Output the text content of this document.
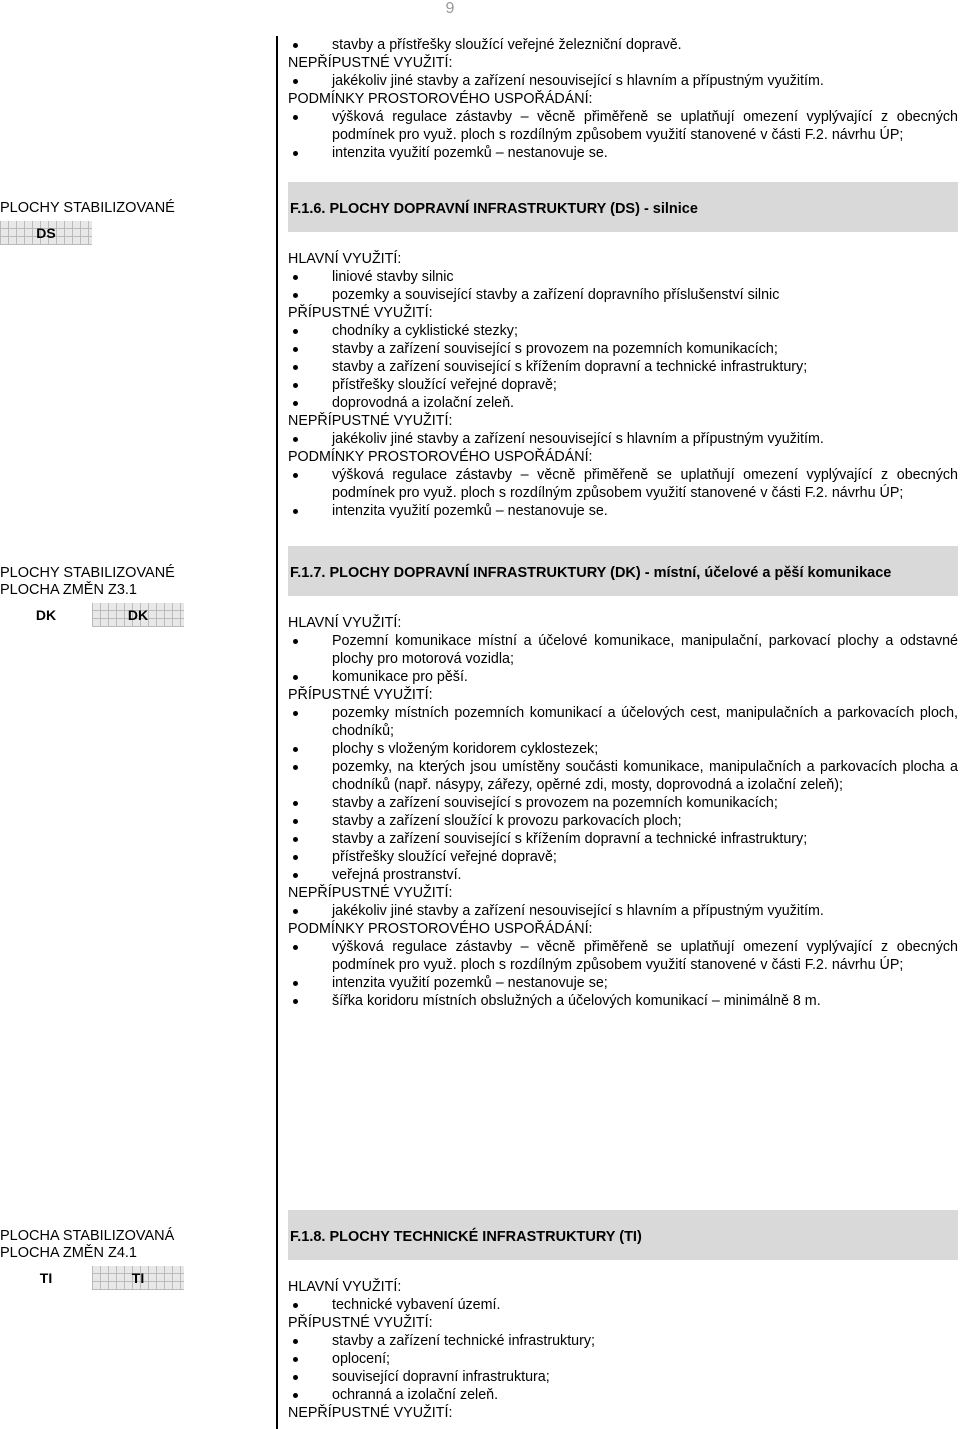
9
stavby a přístřešky sloužící veřejné železniční dopravě.

NEPŘÍPUSTNÉ VYUŽITÍ:

jakékoliv jiné stavby a zařízení nesouvisející s hlavním a přípustným využitím.

PODMÍNKY PROSTOROVÉHO USPOŘÁDÁNÍ:

výšková regulace zástavby – věcně přiměřeně se uplatňují omezení vyplývající z obecných podmínek pro využ. ploch s rozdílným způsobem využití stanovené v části F.2. návrhu ÚP;
intenzita využití pozemků – nestanovuje se.
PLOCHY STABILIZOVANÉ
DS
F.1.6. PLOCHY DOPRAVNÍ INFRASTRUKTURY (DS) - silnice

HLAVNÍ VYUŽITÍ:

liniové stavby silnic
pozemky a související stavby a zařízení dopravního příslušenství silnic

PŘÍPUSTNÉ VYUŽITÍ:

chodníky a cyklistické stezky;
stavby a zařízení související s provozem na pozemních komunikacích;
stavby a zařízení související s křížením dopravní a technické infrastruktury;
přístřešky sloužící veřejné dopravě;
doprovodná a izolační zeleň.

NEPŘÍPUSTNÉ VYUŽITÍ:

jakékoliv jiné stavby a zařízení nesouvisející s hlavním a přípustným využitím.

PODMÍNKY PROSTOROVÉHO USPOŘÁDÁNÍ:

výšková regulace zástavby – věcně přiměřeně se uplatňují omezení vyplývající z obecných podmínek pro využ. ploch s rozdílným způsobem využití stanovené v části F.2. návrhu ÚP;
intenzita využití pozemků – nestanovuje se.
PLOCHY STABILIZOVANÉ
PLOCHA ZMĚN Z3.1
DK	DK
F.1.7. PLOCHY DOPRAVNÍ INFRASTRUKTURY (DK) - místní, účelové a pěší komunikace

HLAVNÍ VYUŽITÍ:

Pozemní komunikace místní a účelové komunikace, manipulační, parkovací plochy a odstavné plochy pro motorová vozidla;
komunikace pro pěší.

PŘÍPUSTNÉ VYUŽITÍ:

pozemky místních pozemních komunikací a účelových cest, manipulačních a parkovacích ploch, chodníků;
plochy s vloženým koridorem cyklostezek;
pozemky, na kterých jsou umístěny součásti komunikace, manipulačních a parkovacích plocha a chodníků (např. násypy, zářezy, opěrné zdi, mosty, doprovodná a izolační zeleň);
stavby a zařízení související s provozem na pozemních komunikacích;
stavby a zařízení sloužící k provozu parkovacích ploch;
stavby a zařízení související s křížením dopravní a technické infrastruktury;
přístřešky sloužící veřejné dopravě;
veřejná prostranství.

NEPŘÍPUSTNÉ VYUŽITÍ:

jakékoliv jiné stavby a zařízení nesouvisející s hlavním a přípustným využitím.

PODMÍNKY PROSTOROVÉHO USPOŘÁDÁNÍ:

výšková regulace zástavby – věcně přiměřeně se uplatňují omezení vyplývající z obecných podmínek pro využ. ploch s rozdílným způsobem využití stanovené v části F.2. návrhu ÚP;
intenzita využití pozemků – nestanovuje se;
šířka koridoru místních obslužných a účelových komunikací – minimálně 8 m.
PLOCHA STABILIZOVANÁ
PLOCHA ZMĚN Z4.1
TI	TI
F.1.8. PLOCHY TECHNICKÉ INFRASTRUKTURY (TI)

HLAVNÍ VYUŽITÍ:

technické vybavení území.

PŘÍPUSTNÉ VYUŽITÍ:

stavby a zařízení technické infrastruktury;
oplocení;
související dopravní infrastruktura;
ochranná a izolační zeleň.

NEPŘÍPUSTNÉ VYUŽITÍ:
